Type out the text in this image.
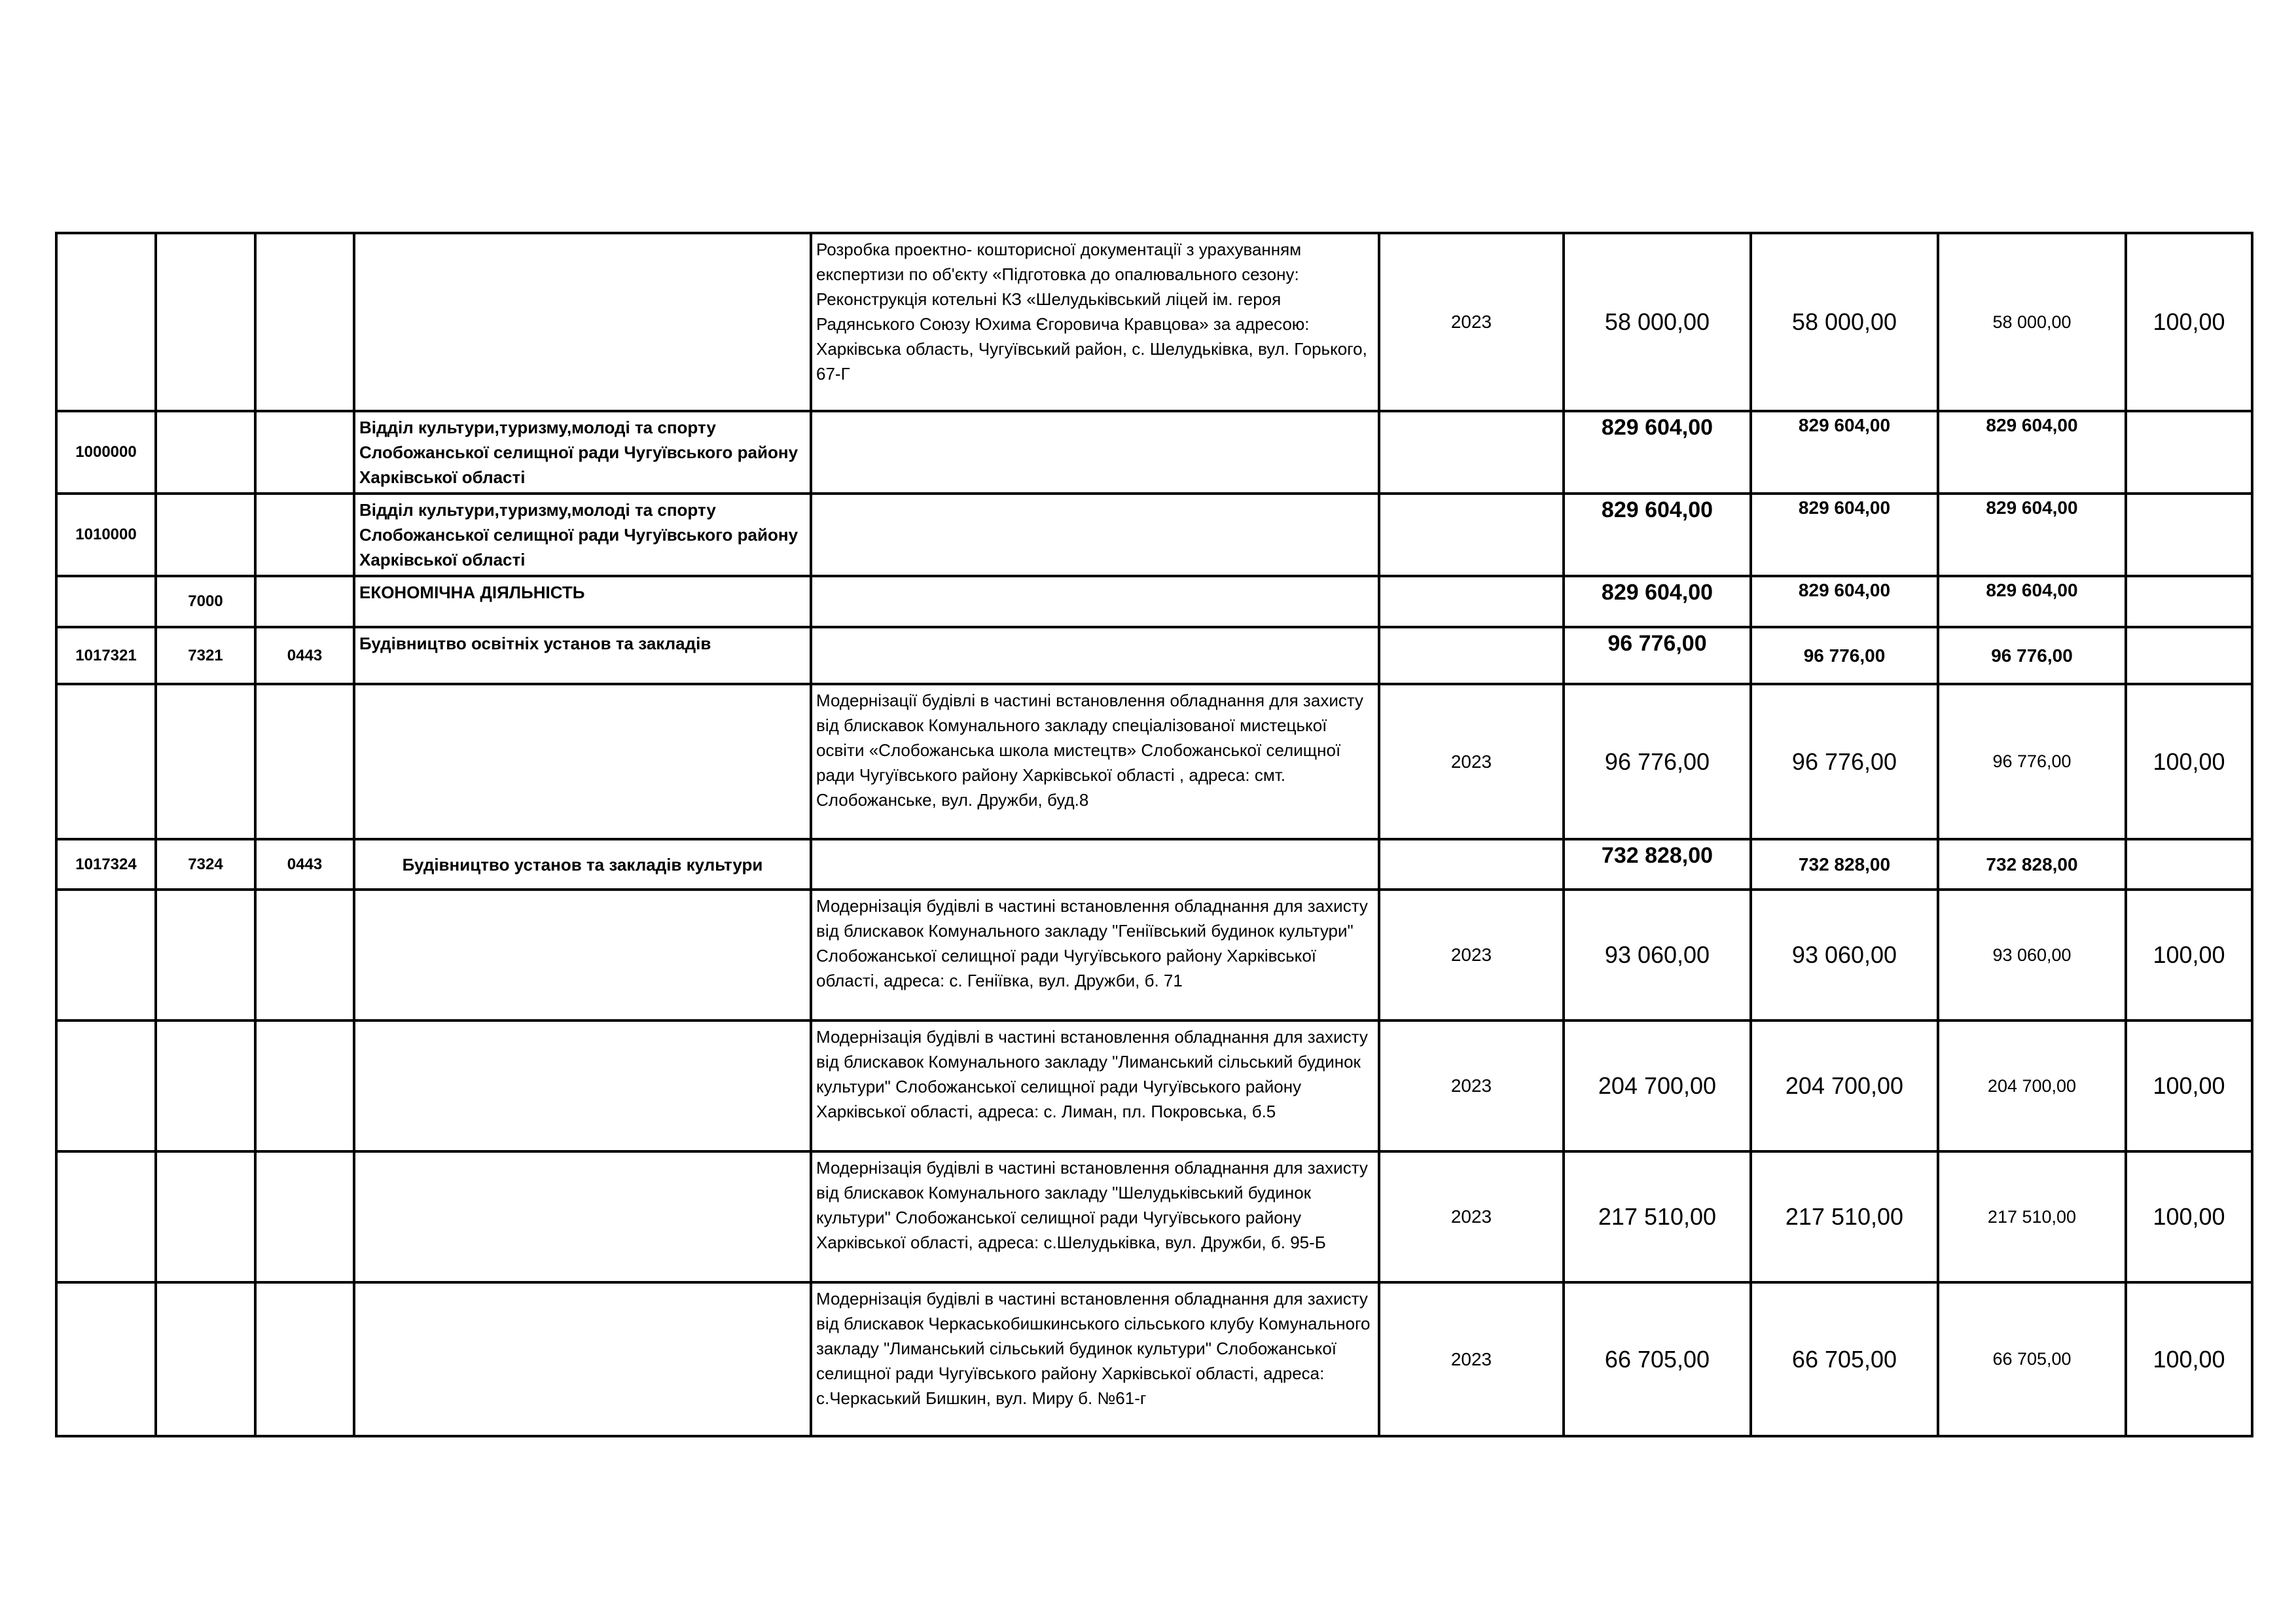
				Розробка проектно- кошторисної документації з урахуванням експертизи по об'єкту «Підготовка до опалювального сезону: Реконструкція котельні КЗ «Шелудьківський ліцей ім. героя Радянського Союзу Юхима Єгоровича Кравцова» за адресою: Харківська область, Чугуївський район, с. Шелудьківка, вул. Горького, 67-Г	2023	58 000,00	58 000,00	58 000,00	100,00
1000000			Відділ культури,туризму,молоді та спорту Слобожанської селищної ради Чугуївського району Харківської області			829 604,00	829 604,00	829 604,00	
1010000			Відділ культури,туризму,молоді та спорту Слобожанської селищної ради Чугуївського району Харківської області			829 604,00	829 604,00	829 604,00	
	7000		ЕКОНОМІЧНА ДІЯЛЬНІСТЬ			829 604,00	829 604,00	829 604,00	
1017321	7321	0443	Будівництво освітніх установ та закладів			96 776,00	96 776,00	96 776,00	
				Модернізації будівлі в частині встановлення обладнання для захисту від блискавок Комунального закладу спеціалізованої мистецької освіти «Слобожанська школа мистецтв» Слобожанської селищної ради Чугуївського району Харківської області , адреса: смт. Слобожанське, вул. Дружби, буд.8	2023	96 776,00	96 776,00	96 776,00	100,00
1017324	7324	0443	Будівництво установ та закладів культури			732 828,00	732 828,00	732 828,00	
				Модернізація будівлі в частині встановлення обладнання для захисту від блискавок Комунального закладу "Геніївський будинок культури" Слобожанської селищної ради Чугуївського району Харківської області, адреса: с. Геніївка, вул. Дружби, б. 71	2023	93 060,00	93 060,00	93 060,00	100,00
				Модернізація будівлі в частині встановлення обладнання для захисту від блискавок Комунального закладу "Лиманський сільський будинок культури" Слобожанської селищної ради Чугуївського району Харківської області, адреса: с. Лиман, пл. Покровська, б.5	2023	204 700,00	204 700,00	204 700,00	100,00
				Модернізація будівлі в частині встановлення обладнання для захисту від блискавок Комунального закладу "Шелудьківський будинок культури" Слобожанської селищної ради Чугуївського району Харківської області, адреса: с.Шелудьківка, вул. Дружби, б. 95-Б	2023	217 510,00	217 510,00	217 510,00	100,00
				Модернізація будівлі в частині встановлення обладнання для захисту від блискавок Черкаськобишкинського сільського клубу Комунального закладу "Лиманський сільський будинок культури" Слобожанської селищної ради Чугуївського району Харківської області, адреса: с.Черкаський Бишкин, вул. Миру б. №61-г	2023	66 705,00	66 705,00	66 705,00	100,00
